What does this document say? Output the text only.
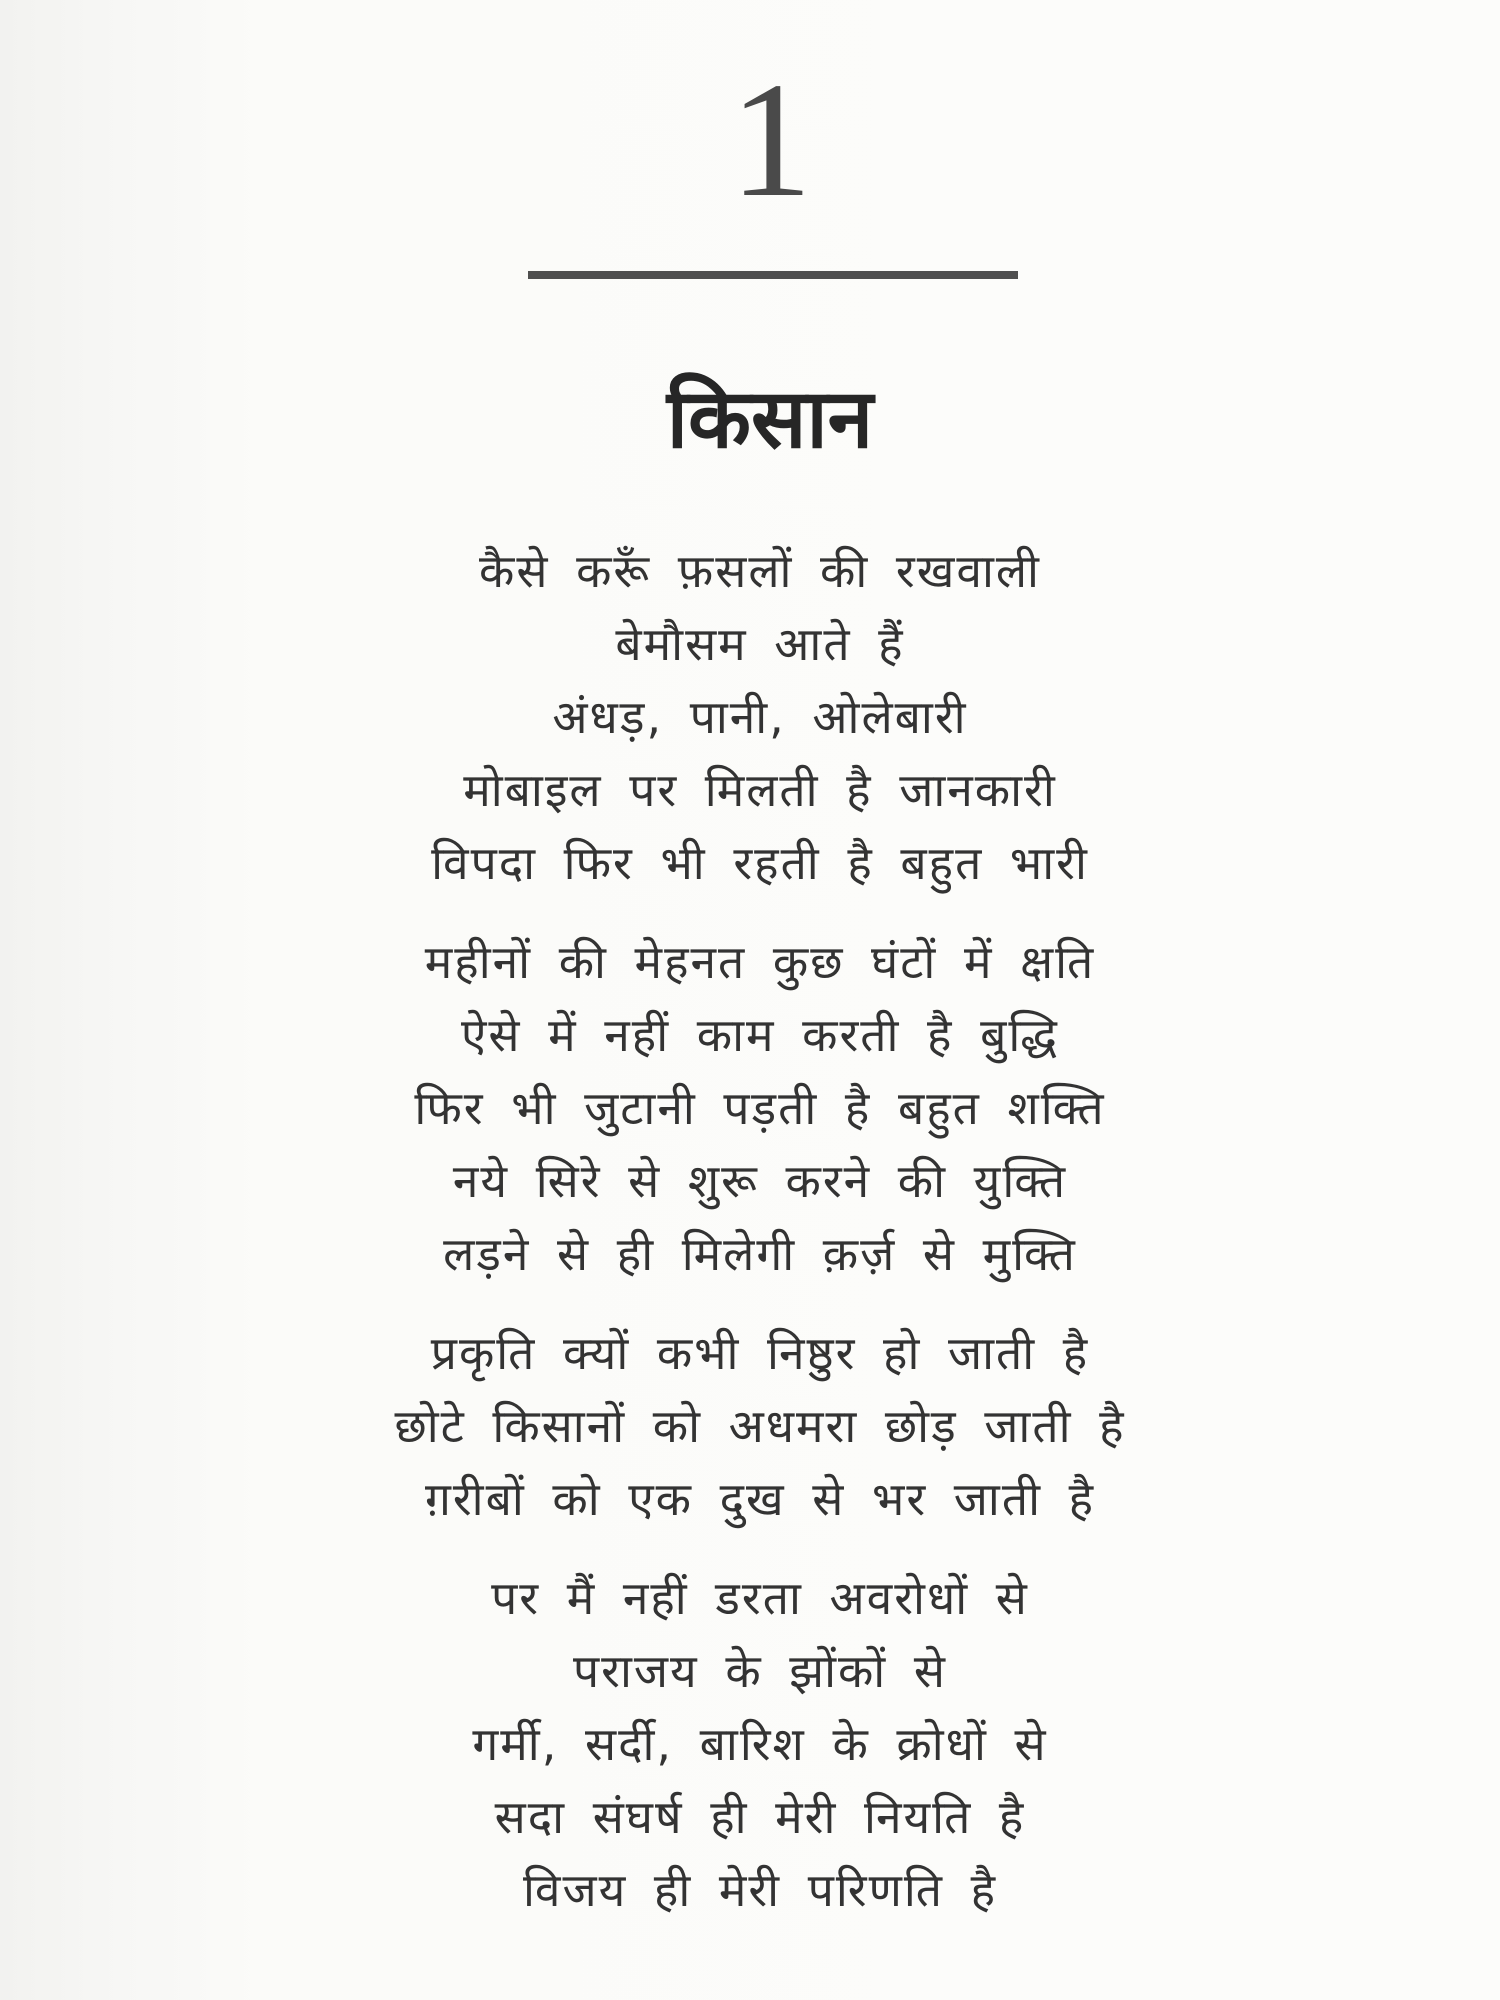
1
किसान
कैसे करूँ फ़सलों की रखवाली
बेमौसम आते हैं
अंधड़, पानी, ओलेबारी
मोबाइल पर मिलती है जानकारी
विपदा फिर भी रहती है बहुत भारी
महीनों की मेहनत कुछ घंटों में क्षति
ऐसे में नहीं काम करती है बुद्धि
फिर भी जुटानी पड़ती है बहुत शक्ति
नये सिरे से शुरू करने की युक्ति
लड़ने से ही मिलेगी क़र्ज़ से मुक्ति
प्रकृति क्यों कभी निष्ठुर हो जाती है
छोटे किसानों को अधमरा छोड़ जाती है
ग़रीबों को एक दुख से भर जाती है
पर मैं नहीं डरता अवरोधों से
पराजय के झोंकों से
गर्मी, सर्दी, बारिश के क्रोधों से
सदा संघर्ष ही मेरी नियति है
विजय ही मेरी परिणति है
